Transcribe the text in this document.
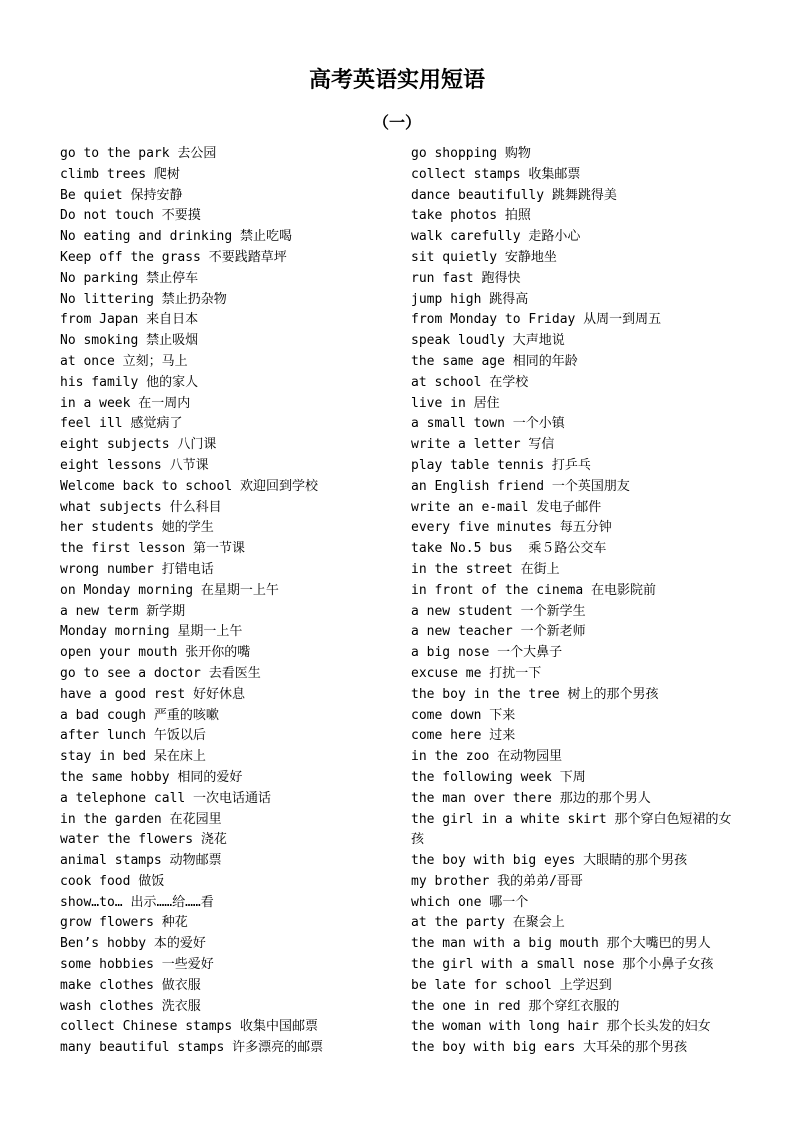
高考英语实用短语
（一）
go to the park 去公园
climb trees 爬树
Be quiet 保持安静
Do not touch 不要摸
No eating and drinking 禁止吃喝
Keep off the grass 不要践踏草坪
No parking 禁止停车
No littering 禁止扔杂物
from Japan 来自日本
No smoking 禁止吸烟
at once 立刻；马上
his family 他的家人
in a week 在一周内
feel ill 感觉病了
eight subjects 八门课
eight lessons 八节课
Welcome back to school 欢迎回到学校
what subjects 什么科目
her students 她的学生
the first lesson 第一节课
wrong number 打错电话
on Monday morning 在星期一上午
a new term 新学期
Monday morning 星期一上午
open your mouth 张开你的嘴
go to see a doctor 去看医生
have a good rest 好好休息
a bad cough 严重的咳嗽
after lunch 午饭以后
stay in bed 呆在床上
the same hobby 相同的爱好
a telephone call 一次电话通话
in the garden 在花园里
water the flowers 浇花
animal stamps 动物邮票
cook food 做饭
show…to… 出示……给……看
grow flowers 种花
Ben’s hobby 本的爱好
some hobbies 一些爱好
make clothes 做衣服
wash clothes 洗衣服
collect Chinese stamps 收集中国邮票
many beautiful stamps 许多漂亮的邮票
go shopping 购物
collect stamps 收集邮票
dance beautifully 跳舞跳得美
take photos 拍照
walk carefully 走路小心
sit quietly 安静地坐
run fast 跑得快
jump high 跳得高
from Monday to Friday 从周一到周五
speak loudly 大声地说
the same age 相同的年龄
at school 在学校
live in 居住
a small town 一个小镇
write a letter 写信
play table tennis 打乒乓
an English friend 一个英国朋友
write an e-mail 发电子邮件
every five minutes 每五分钟
take No.5 bus  乘５路公交车
in the street 在街上
in front of the cinema 在电影院前
a new student 一个新学生
a new teacher 一个新老师
a big nose 一个大鼻子
excuse me 打扰一下
the boy in the tree 树上的那个男孩
come down 下来
come here 过来
in the zoo 在动物园里
the following week 下周
the man over there 那边的那个男人
the girl in a white skirt 那个穿白色短裙的女孩
the boy with big eyes 大眼睛的那个男孩
my brother 我的弟弟/哥哥
which one 哪一个
at the party 在聚会上
the man with a big mouth 那个大嘴巴的男人
the girl with a small nose 那个小鼻子女孩
be late for school 上学迟到
the one in red 那个穿红衣服的
the woman with long hair 那个长头发的妇女
the boy with big ears 大耳朵的那个男孩
